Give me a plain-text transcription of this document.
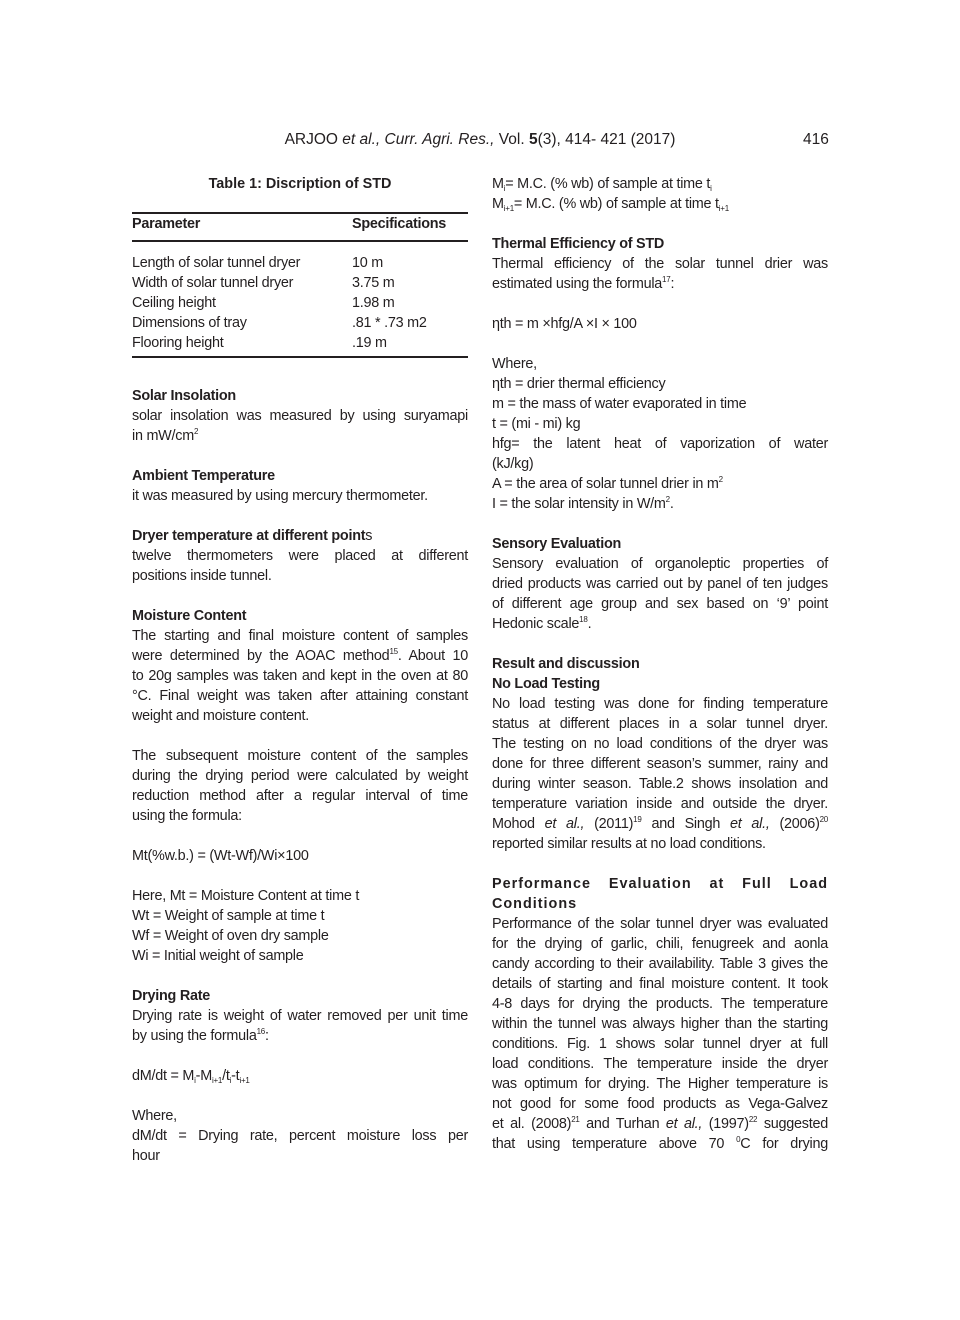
ARJOO et al., Curr. Agri. Res., Vol. 5(3), 414- 421 (2017)	416
Table 1: Discription of STD
Parameter	Specifications
Length of solar tunnel dryer	10 m
Width of solar tunnel dryer	3.75 m
Ceiling height	1.98 m
Dimensions of tray	.81 * .73 m2
Flooring height	.19 m
Solar Insolation
solar insolation was measured by using suryamapi
in $mW/cm^2$
Ambient Temperature
it was measured by using mercury thermometer.
Dryer temperature at different points
twelve thermometers were placed at different
positions inside tunnel.
Moisture Content
The starting and final moisture content of samples
were determined by the AOAC method$^{15}$. About 10
to 20g samples was taken and kept in the oven at 80
°C. Final weight was taken after attaining constant
weight and moisture content.
The subsequent moisture content of the samples
during the drying period were calculated by weight
reduction method after a regular interval of time
using the formula:
Mt(%w.b.) = (Wt-Wf)/Wi×100
Here, Mt = Moisture Content at time t
Wt = Weight of sample at time t
Wf = Weight of oven dry sample
Wi = Initial weight of sample
Drying Rate
Drying rate is weight of water removed per unit time
by using the formula$^{16}$:
$dM/dt = M_i-M_{i+1}/t_i-t_{i+1}$
Where,
dM/dt = Drying rate, percent moisture loss per
hour
$M_i= M.C$. (% wb) of sample at time $t_i$
$M_{i+1}= M.C$. (% wb) of sample at time $t_{i+1}$
Thermal Efficiency of STD
Thermal efficiency of the solar tunnel drier was
estimated using the formula$^{17}$:
ηth = m ×hfg/A ×I × 100
Where,
ηth = drier thermal efficiency
m = the mass of water evaporated in time
t = (mi - mi) kg
hfg= the latent heat of vaporization of water
(kJ/kg)
A = the area of solar tunnel drier in $m^2$
I = the solar intensity in $W/m^2$.
Sensory Evaluation
Sensory evaluation of organoleptic properties of
dried products was carried out by panel of ten judges
of different age group and sex based on ‘9’ point
Hedonic scale$^{18}$.
Result and discussion
No Load Testing
No load testing was done for finding temperature
status at different places in a solar tunnel dryer.
The testing on no load conditions of the dryer was
done for three different season’s summer, rainy and
during winter season. Table.2 shows insolation and
temperature variation inside and outside the dryer.
Mohod et al., $(2011)^{19}$ and Singh et al., $(2006)^{20}$
reported similar results at no load conditions.
Performance Evaluation at Full Load
Conditions
Performance of the solar tunnel dryer was evaluated
for the drying of garlic, chili, fenugreek and aonla
candy according to their availability. Table 3 gives the
details of starting and final moisture content. It took
4-8 days for drying the products. The temperature
within the tunnel was always higher than the starting
conditions. Fig. 1 shows solar tunnel dryer at full
load conditions. The temperature inside the dryer
was optimum for drying. The Higher temperature is
not good for some food products as Vega-Galvez
et al. $(2008)^{21}$ and Turhan et al., $(1997)^{22}$ suggested
that using temperature above 70 $^0$C for drying
